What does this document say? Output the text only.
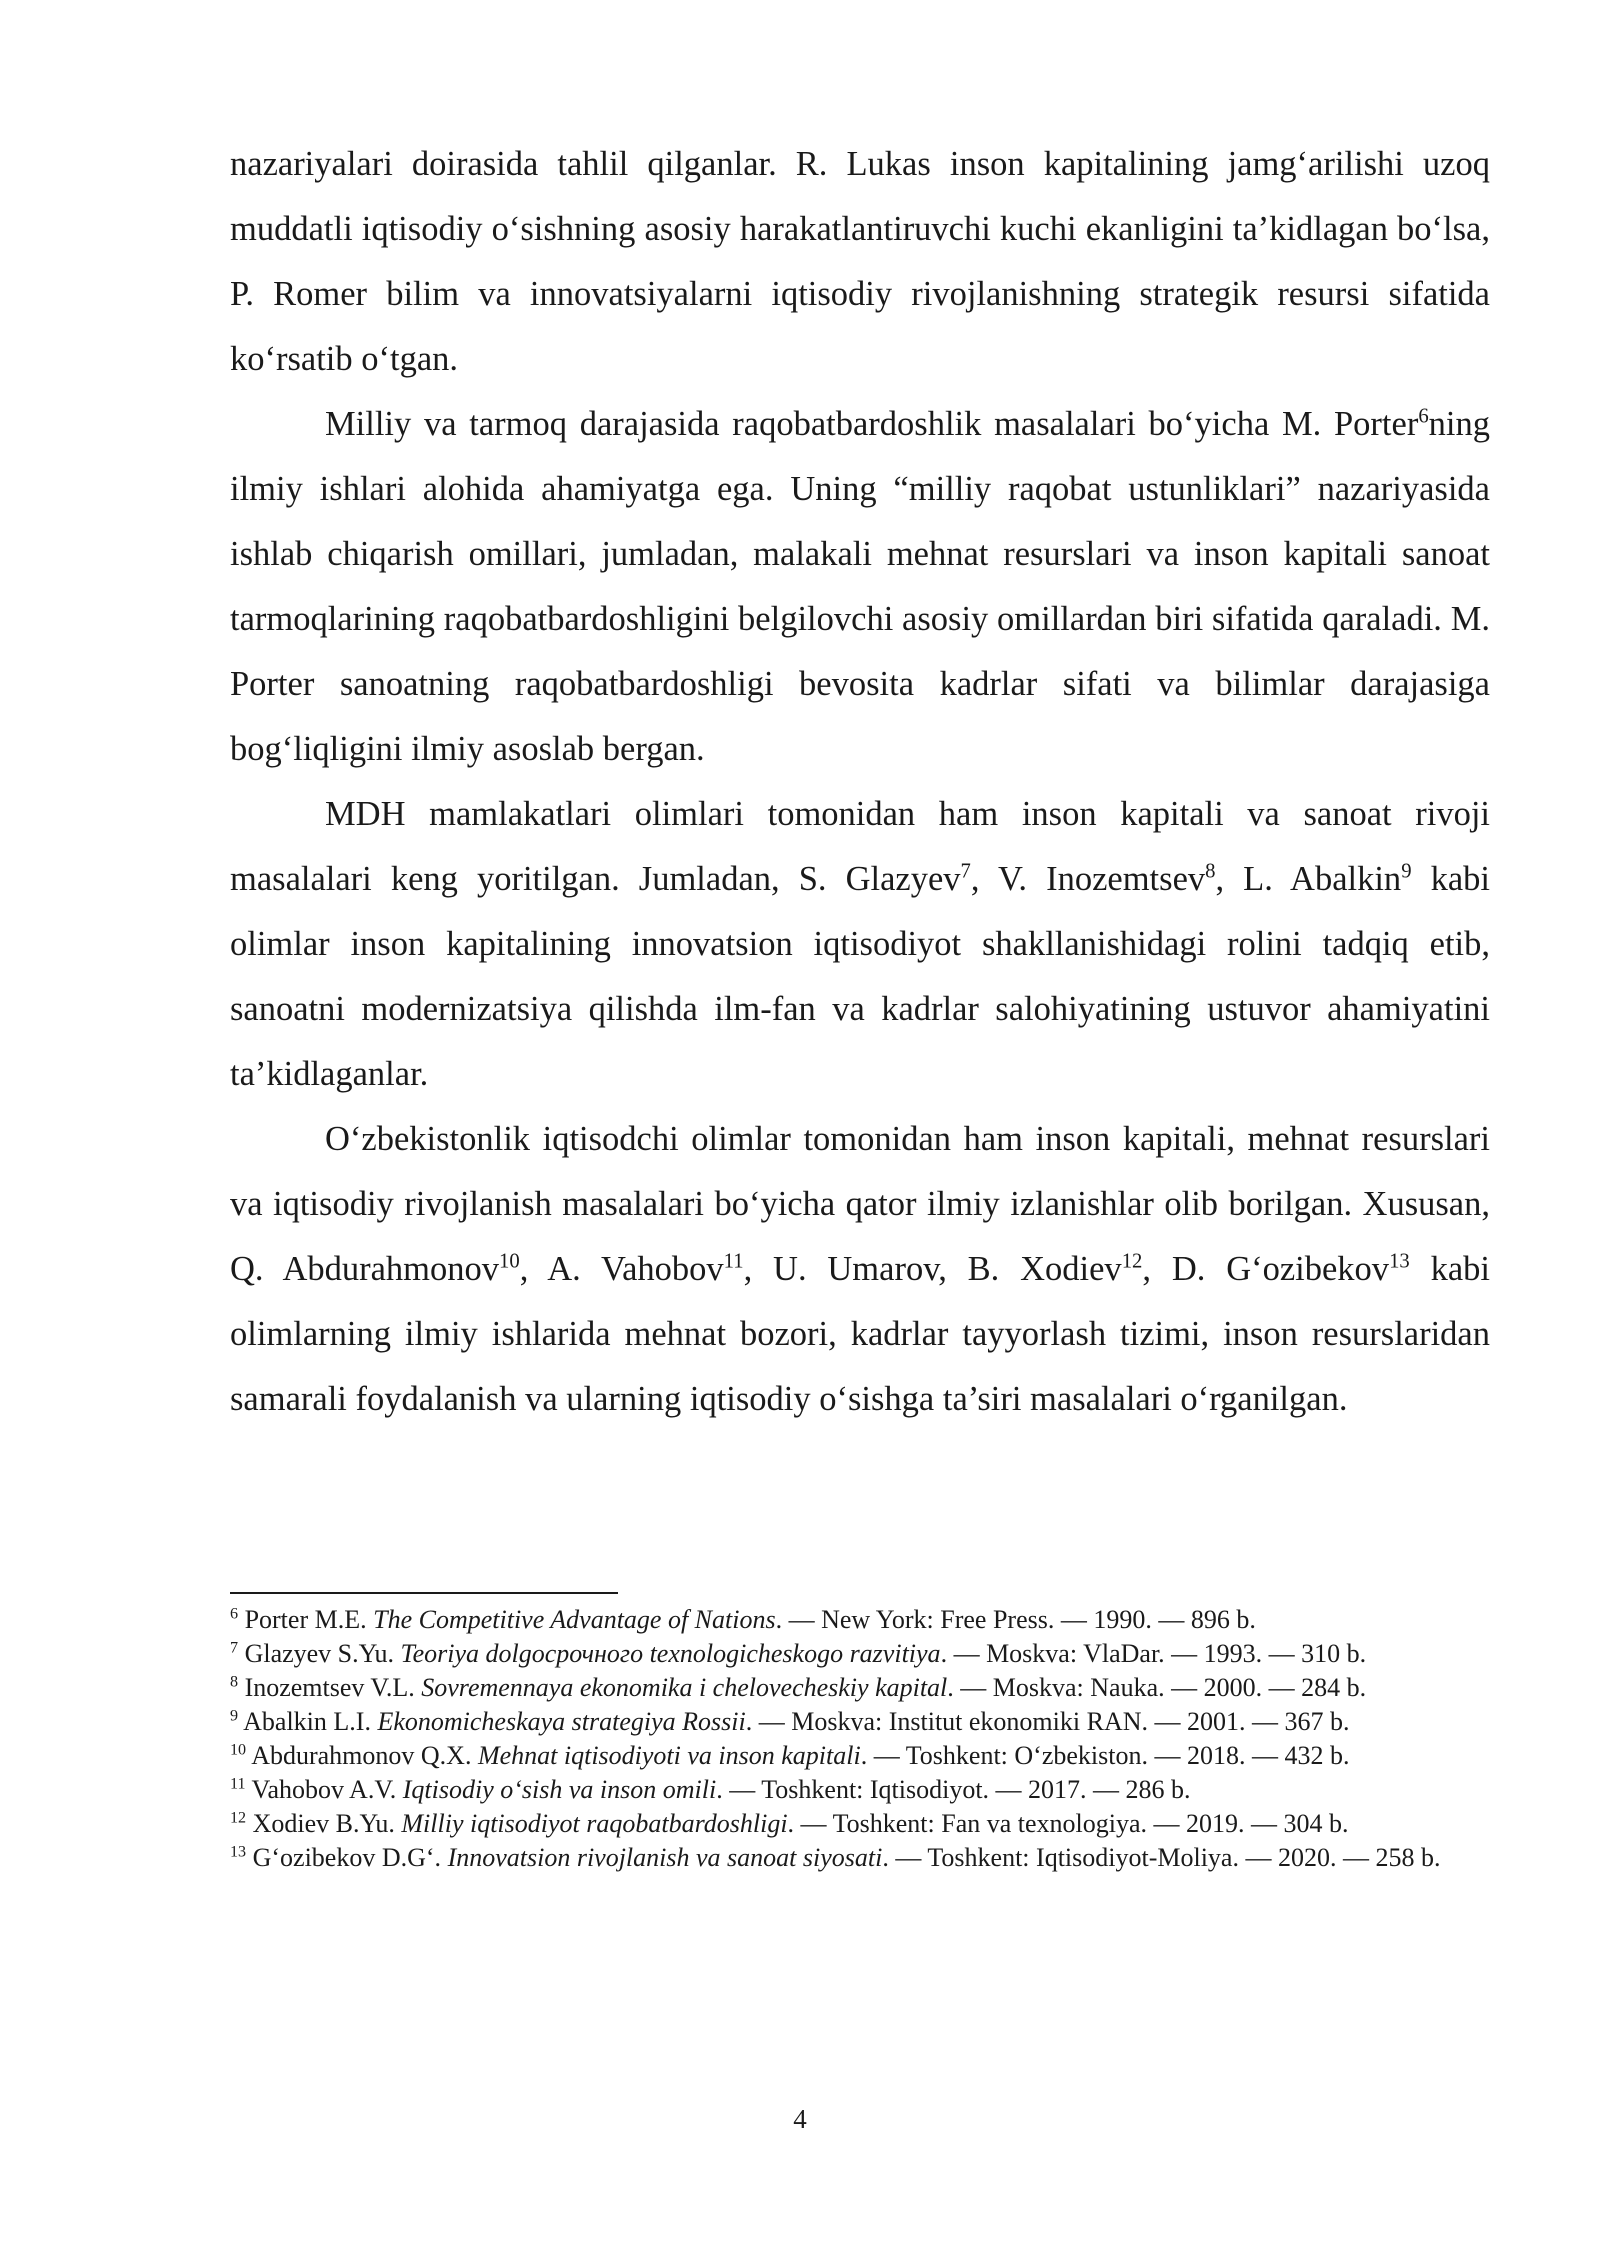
nazariyalari doirasida tahlil qilganlar. R. Lukas inson kapitalining jamg‘arilishi uzoq muddatli iqtisodiy o‘sishning asosiy harakatlantiruvchi kuchi ekanligini ta’kidlagan bo‘lsa, P. Romer bilim va innovatsiyalarni iqtisodiy rivojlanishning strategik resursi sifatida ko‘rsatib o‘tgan.

Milliy va tarmoq darajasida raqobatbardoshlik masalalari bo‘yicha M. Porter$^6$ning ilmiy ishlari alohida ahamiyatga ega. Uning “milliy raqobat ustunliklari” nazariyasida ishlab chiqarish omillari, jumladan, malakali mehnat resurslari va inson kapitali sanoat tarmoqlarining raqobatbardoshligini belgilovchi asosiy omillardan biri sifatida qaraladi. M. Porter sanoatning raqobatbardoshligi bevosita kadrlar sifati va bilimlar darajasiga bog‘liqligini ilmiy asoslab bergan.

MDH mamlakatlari olimlari tomonidan ham inson kapitali va sanoat rivoji masalalari keng yoritilgan. Jumladan, S. Glazyev$^7$, V. Inozemtsev$^8$, L. Abalkin$^9$ kabi olimlar inson kapitalining innovatsion iqtisodiyot shakllanishidagi rolini tadqiq etib, sanoatni modernizatsiya qilishda ilm-fan va kadrlar salohiyatining ustuvor ahamiyatini ta’kidlaganlar.

O‘zbekistonlik iqtisodchi olimlar tomonidan ham inson kapitali, mehnat resurslari va iqtisodiy rivojlanish masalalari bo‘yicha qator ilmiy izlanishlar olib borilgan. Xususan, Q. Abdurahmonov$^{10}$, A. Vahobov$^{11}$, U. Umarov, B. Xodiev$^{12}$, D. G‘ozibekov$^{13}$ kabi olimlarning ilmiy ishlarida mehnat bozori, kadrlar tayyorlash tizimi, inson resurslaridan samarali foydalanish va ularning iqtisodiy o‘sishga ta’siri masalalari o‘rganilgan.

$^6$ Porter M.E. The Competitive Advantage of Nations. — New York: Free Press. — 1990. — 896 b.

$^7$ Glazyev S.Yu. Teoriya dolgосрочного texnologicheskogo razvitiya. — Moskva: VlaDar. — 1993. — 310 b.

$^8$ Inozemtsev V.L. Sovremennaya ekonomika i chelovecheskiy kapital. — Moskva: Nauka. — 2000. — 284 b.

$^9$ Abalkin L.I. Ekonomicheskaya strategiya Rossii. — Moskva: Institut ekonomiki RAN. — 2001. — 367 b.

$^{10}$ Abdurahmonov Q.X. Mehnat iqtisodiyoti va inson kapitali. — Toshkent: O‘zbekiston. — 2018. — 432 b.

$^{11}$ Vahobov A.V. Iqtisodiy o‘sish va inson omili. — Toshkent: Iqtisodiyot. — 2017. — 286 b.

$^{12}$ Xodiev B.Yu. Milliy iqtisodiyot raqobatbardoshligi. — Toshkent: Fan va texnologiya. — 2019. — 304 b.

$^{13}$ G‘ozibekov D.G‘. Innovatsion rivojlanish va sanoat siyosati. — Toshkent: Iqtisodiyot-Moliya. — 2020. — 258 b.

4
